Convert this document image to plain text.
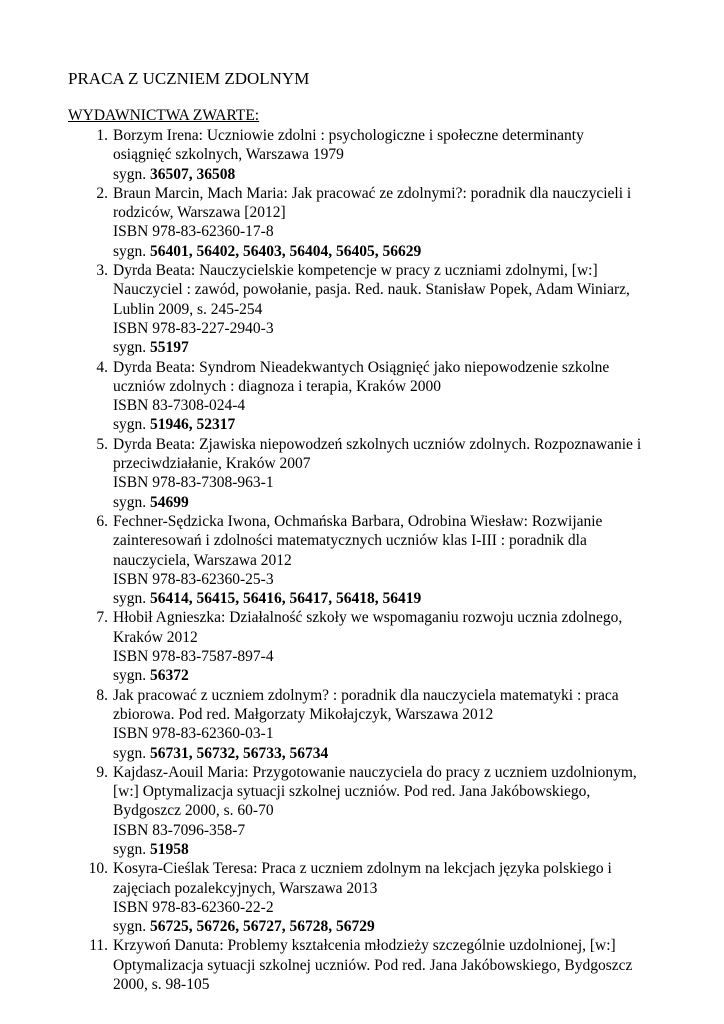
PRACA Z UCZNIEM ZDOLNYM
WYDAWNICTWA ZWARTE:
1. Borzym Irena: Uczniowie zdolni : psychologiczne i społeczne determinanty
osiągnięć szkolnych, Warszawa 1979
sygn. 36507, 36508
2. Braun Marcin, Mach Maria: Jak pracować ze zdolnymi?: poradnik dla nauczycieli i
rodziców, Warszawa [2012]
ISBN 978-83-62360-17-8
sygn. 56401, 56402, 56403, 56404, 56405, 56629
3. Dyrda Beata: Nauczycielskie kompetencje w pracy z uczniami zdolnymi, [w:]
Nauczyciel : zawód, powołanie, pasja. Red. nauk. Stanisław Popek, Adam Winiarz,
Lublin 2009, s. 245-254
ISBN 978-83-227-2940-3
sygn. 55197
4. Dyrda Beata: Syndrom Nieadekwantych Osiągnięć jako niepowodzenie szkolne
uczniów zdolnych : diagnoza i terapia, Kraków 2000
ISBN 83-7308-024-4
sygn. 51946, 52317
5. Dyrda Beata: Zjawiska niepowodzeń szkolnych uczniów zdolnych. Rozpoznawanie i
przeciwdziałanie, Kraków 2007
ISBN 978-83-7308-963-1
sygn. 54699
6. Fechner-Sędzicka Iwona, Ochmańska Barbara, Odrobina Wiesław: Rozwijanie
zainteresowań i zdolności matematycznych uczniów klas I-III : poradnik dla
nauczyciela, Warszawa 2012
ISBN 978-83-62360-25-3
sygn. 56414, 56415, 56416, 56417, 56418, 56419
7. Hłobił Agnieszka: Działalność szkoły we wspomaganiu rozwoju ucznia zdolnego,
Kraków 2012
ISBN 978-83-7587-897-4
sygn. 56372
8. Jak pracować z uczniem zdolnym? : poradnik dla nauczyciela matematyki : praca
zbiorowa. Pod red. Małgorzaty Mikołajczyk, Warszawa 2012
ISBN 978-83-62360-03-1
sygn. 56731, 56732, 56733, 56734
9. Kajdasz-Aouil Maria: Przygotowanie nauczyciela do pracy z uczniem uzdolnionym,
[w:] Optymalizacja sytuacji szkolnej uczniów. Pod red. Jana Jakóbowskiego,
Bydgoszcz 2000, s. 60-70
ISBN 83-7096-358-7
sygn. 51958
10. Kosyra-Cieślak Teresa: Praca z uczniem zdolnym na lekcjach języka polskiego i
zajęciach pozalekcyjnych, Warszawa 2013
ISBN 978-83-62360-22-2
sygn. 56725, 56726, 56727, 56728, 56729
11. Krzywoń Danuta: Problemy kształcenia młodzieży szczególnie uzdolnionej, [w:]
Optymalizacja sytuacji szkolnej uczniów. Pod red. Jana Jakóbowskiego, Bydgoszcz
2000, s. 98-105
